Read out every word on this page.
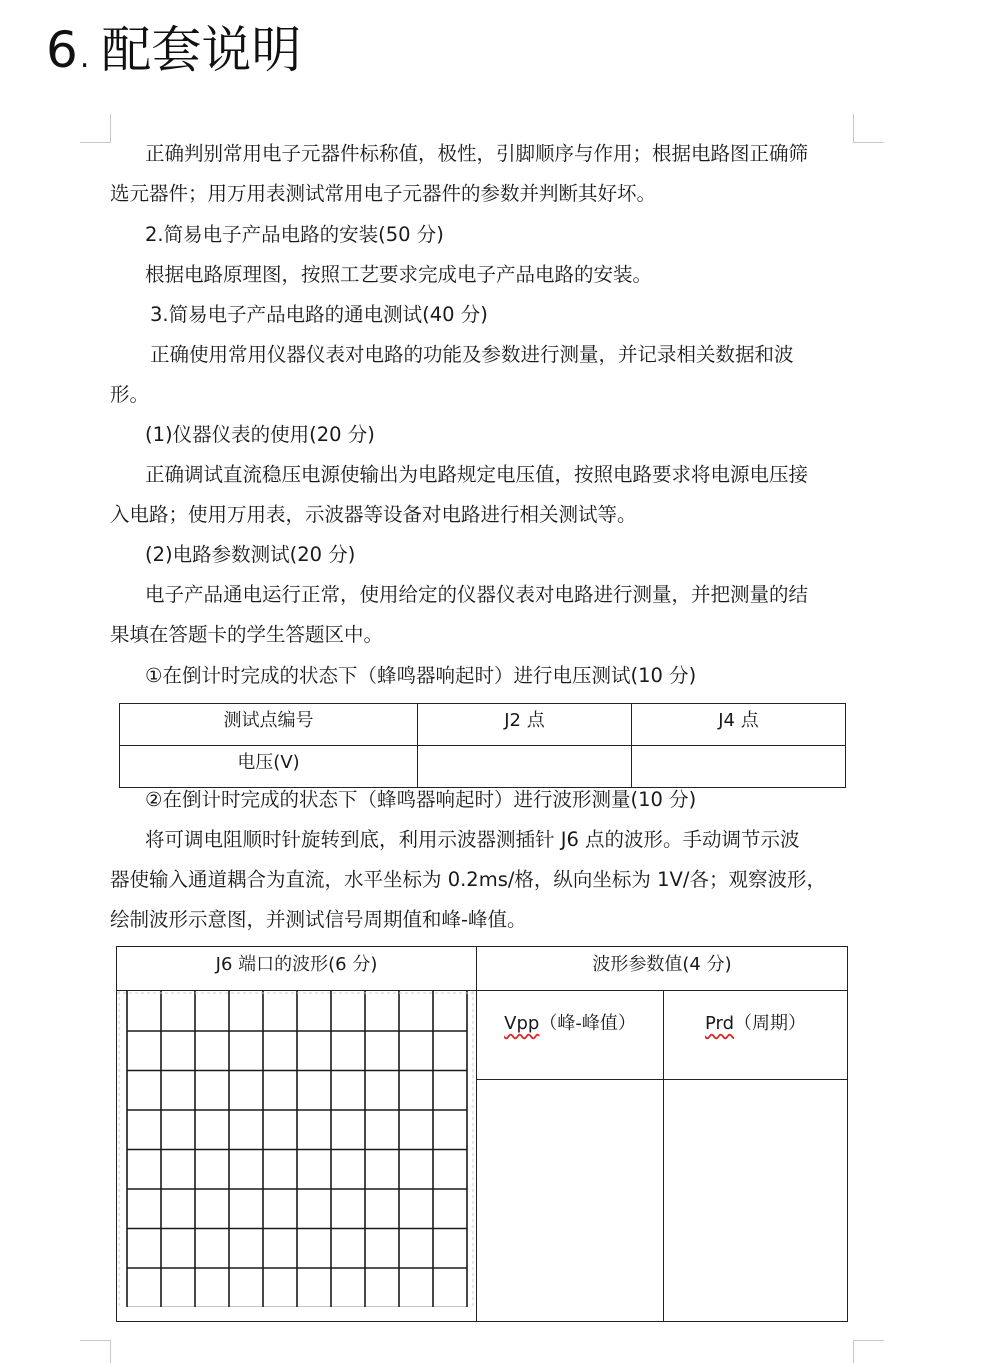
6. 配套说明
正确判别常用电子元器件标称值，极性，引脚顺序与作用；根据电路图正确筛
选元器件；用万用表测试常用电子元器件的参数并判断其好坏。
2.简易电子产品电路的安装(50 分)
根据电路原理图，按照工艺要求完成电子产品电路的安装。
3.简易电子产品电路的通电测试(40 分)
正确使用常用仪器仪表对电路的功能及参数进行测量，并记录相关数据和波
形。
(1)仪器仪表的使用(20 分)
正确调试直流稳压电源使输出为电路规定电压值，按照电路要求将电源电压接
入电路；使用万用表，示波器等设备对电路进行相关测试等。
(2)电路参数测试(20 分)
电子产品通电运行正常，使用给定的仪器仪表对电路进行测量，并把测量的结
果填在答题卡的学生答题区中。
①在倒计时完成的状态下（蜂鸣器响起时）进行电压测试(10 分)
测试点编号	J2 点	J4 点
电压(V)		
②在倒计时完成的状态下（蜂鸣器响起时）进行波形测量(10 分)
将可调电阻顺时针旋转到底，利用示波器测插针 J6 点的波形。手动调节示波
器使输入通道耦合为直流，水平坐标为 0.2ms/格，纵向坐标为 1V/各；观察波形，
绘制波形示意图，并测试信号周期值和峰-峰值。
J6 端口的波形(6 分)	波形参数值(4 分)	

	Vpp（峰-峰值）	Prd（周期）
